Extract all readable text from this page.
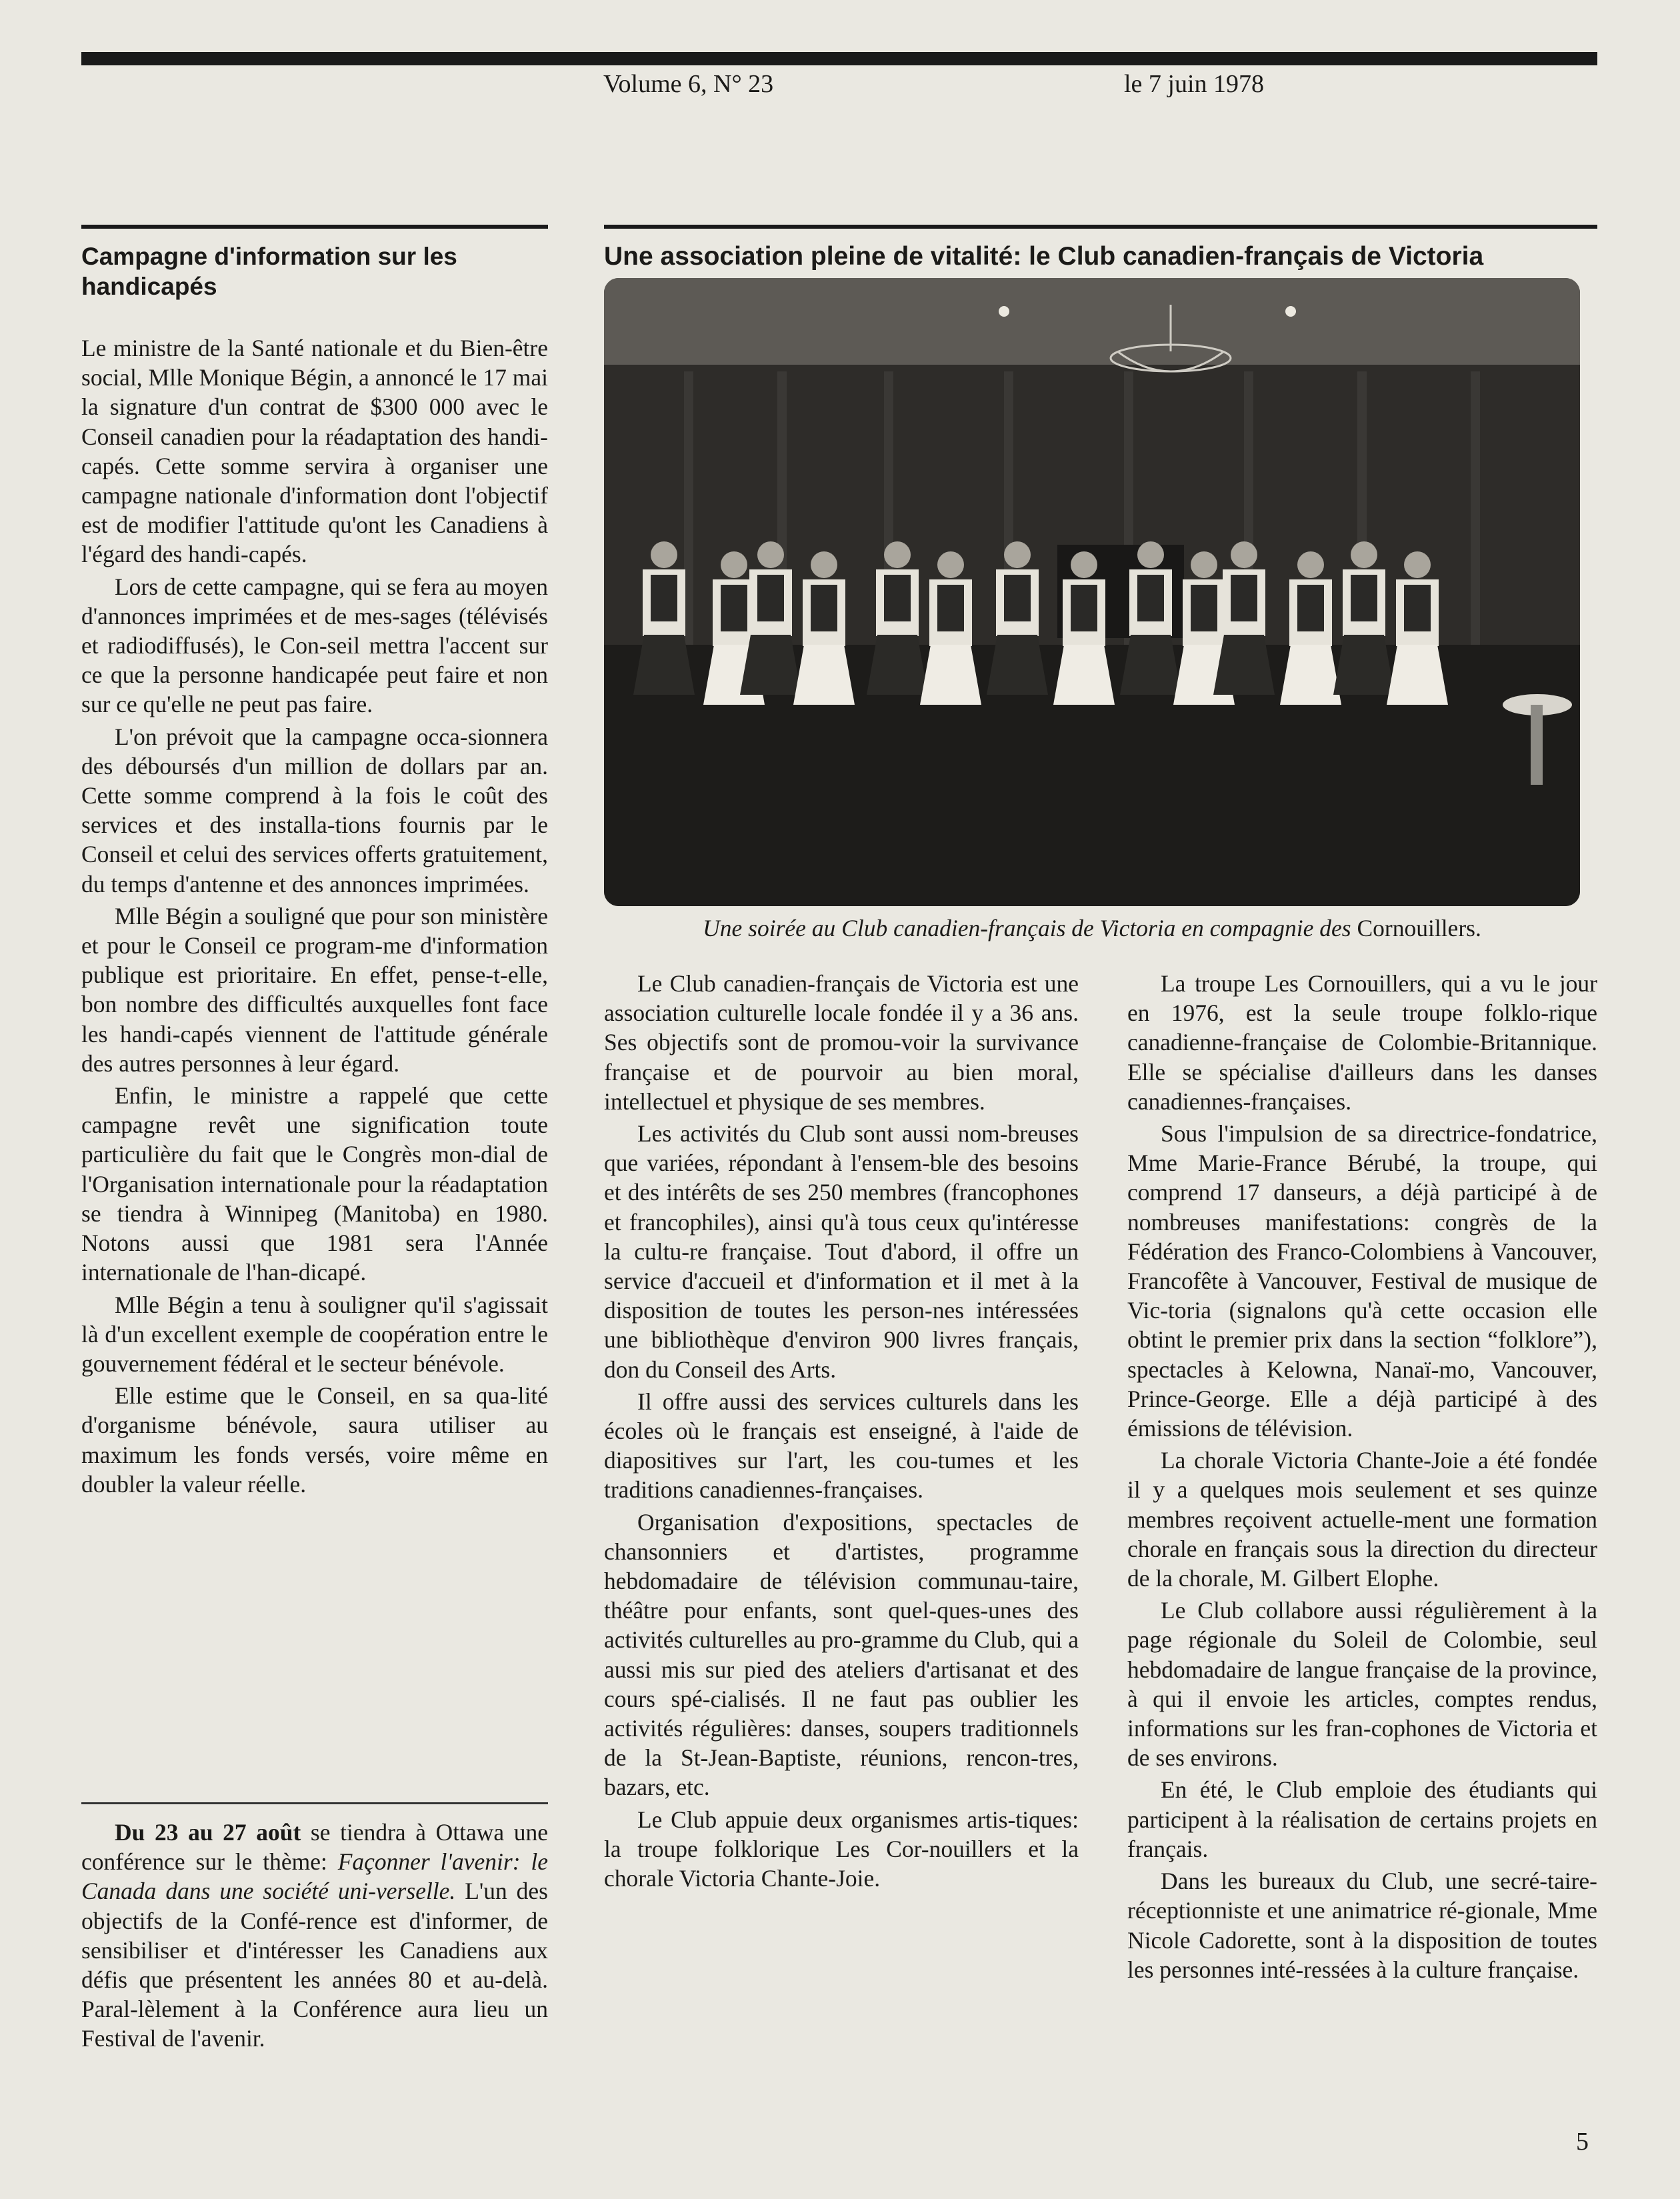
Volume 6, N° 23	le 7 juin 1978
Campagne d'information sur les handicapés

Le ministre de la Santé nationale et du Bien-être social, Mlle Monique Bégin, a annoncé le 17 mai la signature d'un contrat de $300 000 avec le Conseil canadien pour la réadaptation des handi-capés. Cette somme servira à organiser une campagne nationale d'information dont l'objectif est de modifier l'attitude qu'ont les Canadiens à l'égard des handi-capés.

Lors de cette campagne, qui se fera au moyen d'annonces imprimées et de mes-sages (télévisés et radiodiffusés), le Con-seil mettra l'accent sur ce que la personne handicapée peut faire et non sur ce qu'elle ne peut pas faire.

L'on prévoit que la campagne occa-sionnera des déboursés d'un million de dollars par an. Cette somme comprend à la fois le coût des services et des installa-tions fournis par le Conseil et celui des services offerts gratuitement, du temps d'antenne et des annonces imprimées.

Mlle Bégin a souligné que pour son ministère et pour le Conseil ce program-me d'information publique est prioritaire. En effet, pense-t-elle, bon nombre des difficultés auxquelles font face les handi-capés viennent de l'attitude générale des autres personnes à leur égard.

Enfin, le ministre a rappelé que cette campagne revêt une signification toute particulière du fait que le Congrès mon-dial de l'Organisation internationale pour la réadaptation se tiendra à Winnipeg (Manitoba) en 1980. Notons aussi que 1981 sera l'Année internationale de l'han-dicapé.

Mlle Bégin a tenu à souligner qu'il s'agissait là d'un excellent exemple de coopération entre le gouvernement fédéral et le secteur bénévole.

Elle estime que le Conseil, en sa qua-lité d'organisme bénévole, saura utiliser au maximum les fonds versés, voire même en doubler la valeur réelle.

Du 23 au 27 août se tiendra à Ottawa une conférence sur le thème: Façonner l'avenir: le Canada dans une société uni-verselle. L'un des objectifs de la Confé-rence est d'informer, de sensibiliser et d'intéresser les Canadiens aux défis que présentent les années 80 et au-delà. Paral-lèlement à la Conférence aura lieu un Festival de l'avenir.

Une association pleine de vitalité: le Club canadien-français de Victoria
Une soirée au Club canadien-français de Victoria en compagnie des Cornouillers.

Le Club canadien-français de Victoria est une association culturelle locale fondée il y a 36 ans. Ses objectifs sont de promou-voir la survivance française et de pourvoir au bien moral, intellectuel et physique de ses membres.

Les activités du Club sont aussi nom-breuses que variées, répondant à l'ensem-ble des besoins et des intérêts de ses 250 membres (francophones et francophiles), ainsi qu'à tous ceux qu'intéresse la cultu-re française. Tout d'abord, il offre un service d'accueil et d'information et il met à la disposition de toutes les person-nes intéressées une bibliothèque d'environ 900 livres français, don du Conseil des Arts.

Il offre aussi des services culturels dans les écoles où le français est enseigné, à l'aide de diapositives sur l'art, les cou-tumes et les traditions canadiennes-françaises.

Organisation d'expositions, spectacles de chansonniers et d'artistes, programme hebdomadaire de télévision communau-taire, théâtre pour enfants, sont quel-ques-unes des activités culturelles au pro-gramme du Club, qui a aussi mis sur pied des ateliers d'artisanat et des cours spé-cialisés. Il ne faut pas oublier les activités régulières: danses, soupers traditionnels de la St-Jean-Baptiste, réunions, rencon-tres, bazars, etc.

Le Club appuie deux organismes artis-tiques: la troupe folklorique Les Cor-nouillers et la chorale Victoria Chante-Joie.

La troupe Les Cornouillers, qui a vu le jour en 1976, est la seule troupe folklo-rique canadienne-française de Colombie-Britannique. Elle se spécialise d'ailleurs dans les danses canadiennes-françaises.

Sous l'impulsion de sa directrice-fondatrice, Mme Marie-France Bérubé, la troupe, qui comprend 17 danseurs, a déjà participé à de nombreuses manifestations: congrès de la Fédération des Franco-Colombiens à Vancouver, Francofête à Vancouver, Festival de musique de Vic-toria (signalons qu'à cette occasion elle obtint le premier prix dans la section “folklore”), spectacles à Kelowna, Nanaï-mo, Vancouver, Prince-George. Elle a déjà participé à des émissions de télévision.

La chorale Victoria Chante-Joie a été fondée il y a quelques mois seulement et ses quinze membres reçoivent actuelle-ment une formation chorale en français sous la direction du directeur de la chorale, M. Gilbert Elophe.

Le Club collabore aussi régulièrement à la page régionale du Soleil de Colombie, seul hebdomadaire de langue française de la province, à qui il envoie les articles, comptes rendus, informations sur les fran-cophones de Victoria et de ses environs.

En été, le Club emploie des étudiants qui participent à la réalisation de certains projets en français.

Dans les bureaux du Club, une secré-taire-réceptionniste et une animatrice ré-gionale, Mme Nicole Cadorette, sont à la disposition de toutes les personnes inté-ressées à la culture française.

5
